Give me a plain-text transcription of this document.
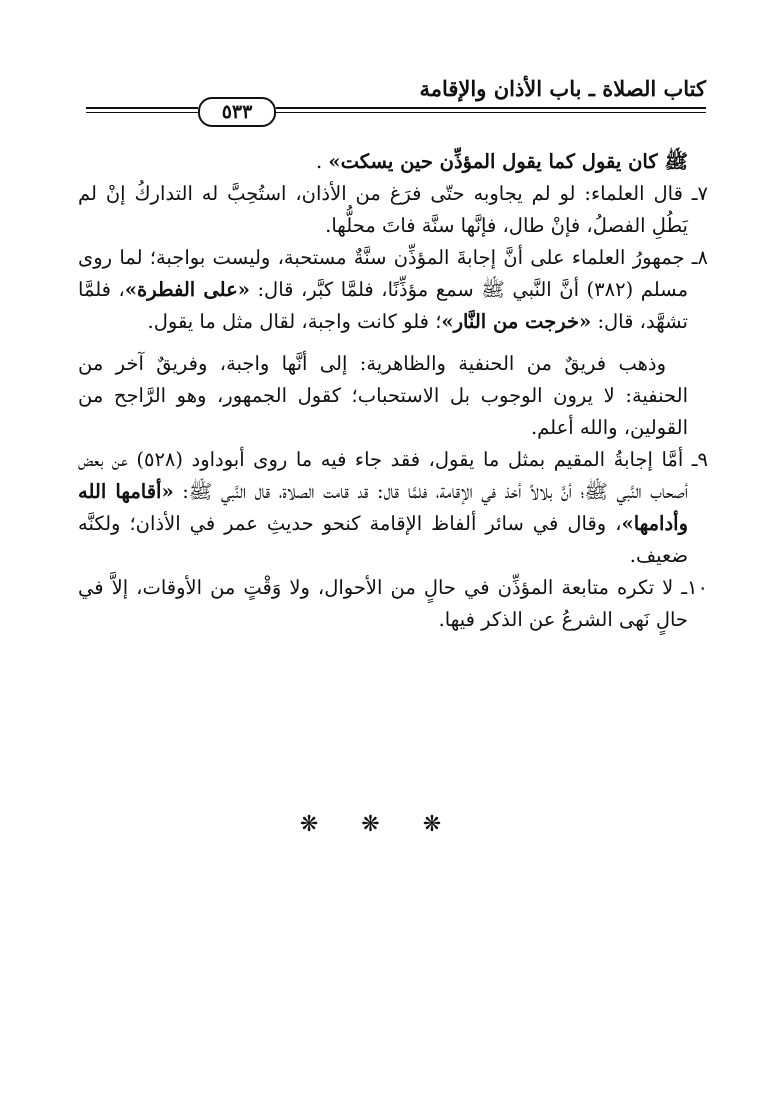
كتاب الصلاة ـ باب الأذان والإقامة
٥٣٣

ﷺ كان يقول كما يقول المؤذِّن حين يسكت» .

٧ـ قال العلماء: لو لم يجاوبه حتّى فرَغ من الأذان، استُحِبَّ له التداركُ إنْ لم يَطُلِ الفصلُ، فإنْ طال، فإنَّها سنَّة فاتَ محلُّها.

٨ـ جمهورُ العلماء على أنَّ إجابةَ المؤذِّن سنَّةٌ مستحبة، وليست بواجبة؛ لما روى مسلم (٣٨٢) أنَّ النَّبي ﷺ سمع مؤذِّنًا، فلمَّا كبَّر، قال: «على الفطرة»، فلمَّا تشهَّد، قال: «خرجت من النَّار»؛ فلو كانت واجبة، لقال مثل ما يقول.

وذهب فريقٌ من الحنفية والظاهرية: إلى أنَّها واجبة، وفريقٌ آخر من الحنفية: لا يرون الوجوب بل الاستحباب؛ كقول الجمهور، وهو الرَّاجح من القولين، والله أعلم.

٩ـ أمَّا إجابةُ المقيم بمثل ما يقول، فقد جاء فيه ما روى أبوداود (٥٢٨) عن بعض أصحاب النَّبي ﷺ؛ أنَّ بلالاً أخذ في الإقامة، فلمَّا قال: قد قامت الصلاة، قال النَّبي ﷺ: «أقامها الله وأدامها»، وقال في سائر ألفاظ الإقامة كنحو حديثِ عمر في الأذان؛ ولكنَّه ضعيف.

١٠ـ لا تكره متابعة المؤذِّن في حالٍ من الأحوال، ولا وَقْتٍ من الأوقات، إلاَّ في حالٍ نَهى الشرعُ عن الذكر فيها.

❋ ❋ ❋
